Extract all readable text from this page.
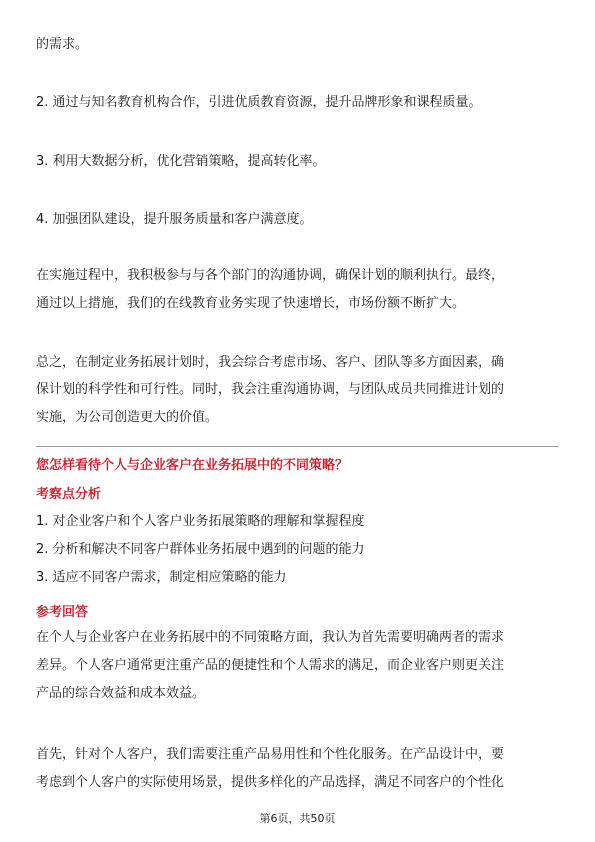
的需求。

2. 通过与知名教育机构合作，引进优质教育资源，提升品牌形象和课程质量。

3. 利用大数据分析，优化营销策略，提高转化率。

4. 加强团队建设，提升服务质量和客户满意度。

在实施过程中，我积极参与与各个部门的沟通协调，确保计划的顺利执行。最终，

通过以上措施，我们的在线教育业务实现了快速增长，市场份额不断扩大。

总之，在制定业务拓展计划时，我会综合考虑市场、客户、团队等多方面因素，确

保计划的科学性和可行性。同时，我会注重沟通协调，与团队成员共同推进计划的

实施，为公司创造更大的价值。

您怎样看待个人与企业客户在业务拓展中的不同策略？

考察点分析

1. 对企业客户和个人客户业务拓展策略的理解和掌握程度

2. 分析和解决不同客户群体业务拓展中遇到的问题的能力

3. 适应不同客户需求，制定相应策略的能力

参考回答

在个人与企业客户在业务拓展中的不同策略方面，我认为首先需要明确两者的需求

差异。个人客户通常更注重产品的便捷性和个人需求的满足，而企业客户则更关注

产品的综合效益和成本效益。

首先，针对个人客户，我们需要注重产品易用性和个性化服务。在产品设计中，要

考虑到个人客户的实际使用场景，提供多样化的产品选择，满足不同客户的个性化

第6页，共50页
